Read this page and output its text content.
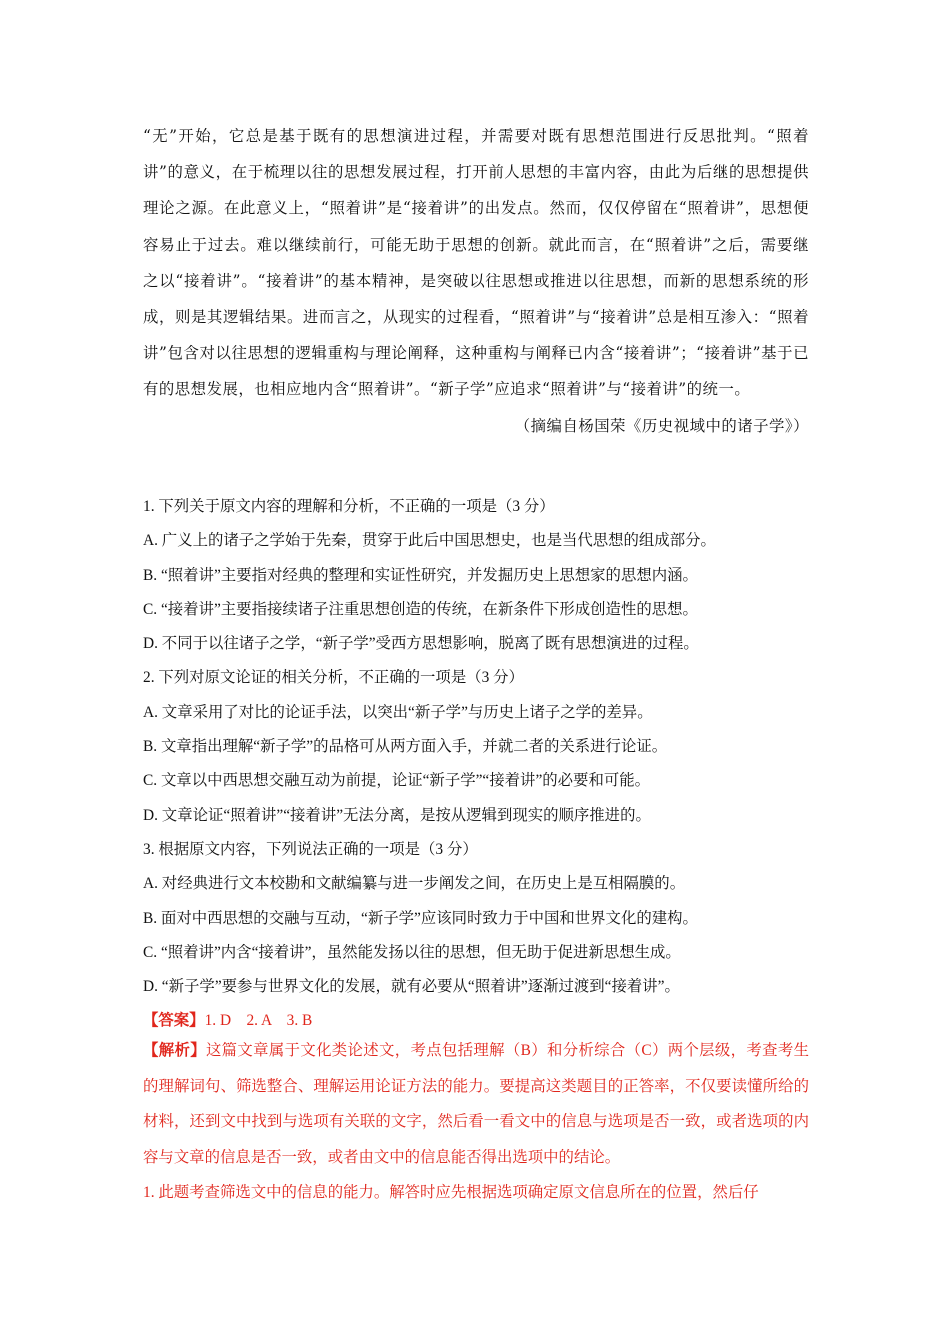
“无”开始，它总是基于既有的思想演进过程，并需要对既有思想范围进行反思批判。“照着讲”的意义，在于梳理以往的思想发展过程，打开前人思想的丰富内容，由此为后继的思想提供理论之源。在此意义上，“照着讲”是“接着讲”的出发点。然而，仅仅停留在“照着讲”，思想便容易止于过去。难以继续前行，可能无助于思想的创新。就此而言，在“照着讲”之后，需要继之以“接着讲”。“接着讲”的基本精神，是突破以往思想或推进以往思想，而新的思想系统的形成，则是其逻辑结果。进而言之，从现实的过程看，“照着讲”与“接着讲”总是相互渗入：“照着讲”包含对以往思想的逻辑重构与理论阐释，这种重构与阐释已内含“接着讲”；“接着讲”基于已有的思想发展，也相应地内含“照着讲”。“新子学”应追求“照着讲”与“接着讲”的统一。
（摘编自杨国荣《历史视域中的诸子学》）

1. 下列关于原文内容的理解和分析，不正确的一项是（3 分）

A. 广义上的诸子之学始于先秦，贯穿于此后中国思想史，也是当代思想的组成部分。

B. “照着讲”主要指对经典的整理和实证性研究，并发掘历史上思想家的思想内涵。

C. “接着讲”主要指接续诸子注重思想创造的传统，在新条件下形成创造性的思想。

D. 不同于以往诸子之学，“新子学”受西方思想影响，脱离了既有思想演进的过程。

2. 下列对原文论证的相关分析，不正确的一项是（3 分）

A. 文章采用了对比的论证手法，以突出“新子学”与历史上诸子之学的差异。

B. 文章指出理解“新子学”的品格可从两方面入手，并就二者的关系进行论证。

C. 文章以中西思想交融互动为前提，论证“新子学”“接着讲”的必要和可能。

D. 文章论证“照着讲”“接着讲”无法分离，是按从逻辑到现实的顺序推进的。

3. 根据原文内容，下列说法正确的一项是（3 分）

A. 对经典进行文本校勘和文献编纂与进一步阐发之间，在历史上是互相隔膜的。

B. 面对中西思想的交融与互动，“新子学”应该同时致力于中国和世界文化的建构。

C. “照着讲”内含“接着讲”，虽然能发扬以往的思想，但无助于促进新思想生成。

D. “新子学”要参与世界文化的发展，就有必要从“照着讲”逐渐过渡到“接着讲”。

【答案】1. D　2. A　3. B

【解析】这篇文章属于文化类论述文，考点包括理解（B）和分析综合（C）两个层级，考查考生的理解词句、筛选整合、理解运用论证方法的能力。要提高这类题目的正答率，不仅要读懂所给的材料，还到文中找到与选项有关联的文字，然后看一看文中的信息与选项是否一致，或者选项的内容与文章的信息是否一致，或者由文中的信息能否得出选项中的结论。
1. 此题考查筛选文中的信息的能力。解答时应先根据选项确定原文信息所在的位置，然后仔
